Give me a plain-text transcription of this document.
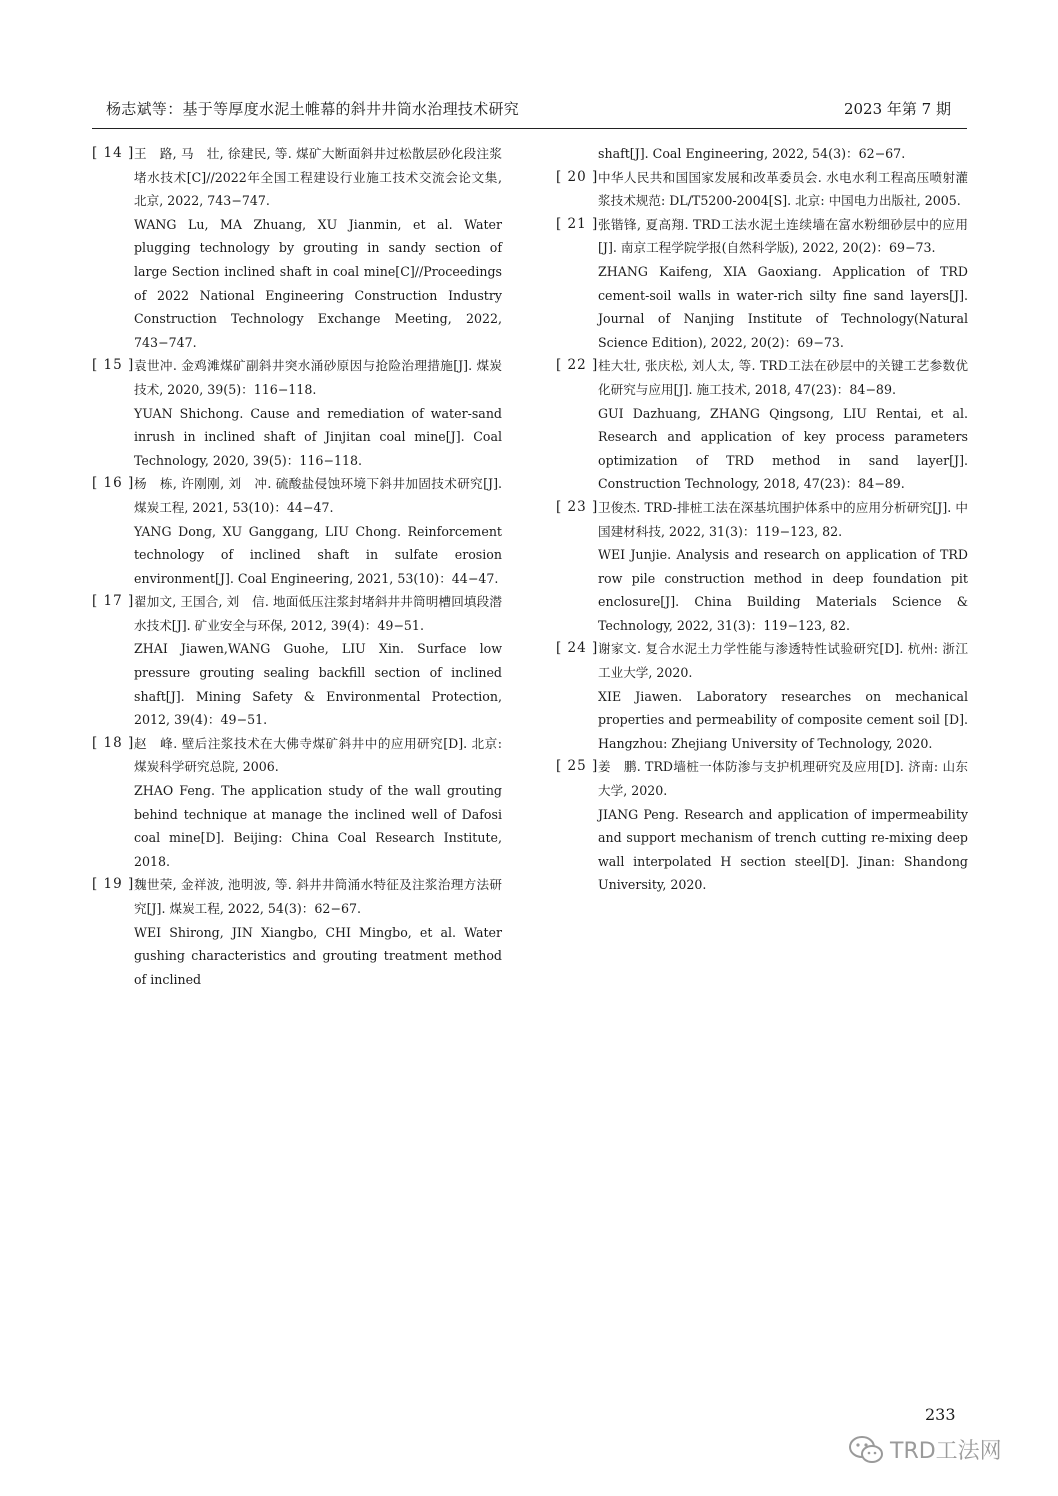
杨志斌等：基于等厚度水泥土帷幕的斜井井筒水治理技术研究	2023 年第 7 期
[ 14 ] 王　路, 马　壮, 徐建民, 等. 煤矿大断面斜井过松散层砂化段注浆堵水技术[C]//2022年全国工程建设行业施工技术交流会论文集, 北京, 2022, 743−747.

WANG Lu, MA Zhuang, XU Jianmin, et al. Water plugging technology by grouting in sandy section of large Section inclined shaft in coal mine[C]//Proceedings of 2022 National Engineering Construction Industry Construction Technology Exchange Meeting, 2022, 743−747.

[ 15 ] 袁世冲. 金鸡滩煤矿副斜井突水涌砂原因与抢险治理措施[J]. 煤炭技术, 2020, 39(5)：116−118.

YUAN Shichong. Cause and remediation of water-sand inrush in inclined shaft of Jinjitan coal mine[J]. Coal Technology, 2020, 39(5)：116−118.

[ 16 ] 杨　栋, 许刚刚, 刘　冲. 硫酸盐侵蚀环境下斜井加固技术研究[J]. 煤炭工程, 2021, 53(10)：44−47.

YANG Dong, XU Ganggang, LIU Chong. Reinforcement technology of inclined shaft in sulfate erosion environment[J]. Coal Engineering, 2021, 53(10)：44−47.

[ 17 ] 翟加文, 王国合, 刘　信. 地面低压注浆封堵斜井井筒明槽回填段潜水技术[J]. 矿业安全与环保, 2012, 39(4)：49−51.

ZHAI Jiawen,WANG Guohe, LIU Xin. Surface low pressure grouting sealing backfill section of inclined shaft[J]. Mining Safety & Environmental Protection, 2012, 39(4)：49−51.

[ 18 ] 赵　峰. 壁后注浆技术在大佛寺煤矿斜井中的应用研究[D]. 北京: 煤炭科学研究总院, 2006.

ZHAO Feng. The application study of the wall grouting behind technique at manage the inclined well of Dafosi coal mine[D]. Beijing: China Coal Research Institute, 2018.

[ 19 ] 魏世荣, 金祥波, 池明波, 等. 斜井井筒涌水特征及注浆治理方法研究[J]. 煤炭工程, 2022, 54(3)：62−67.

WEI Shirong, JIN Xiangbo, CHI Mingbo, et al. Water gushing characteristics and grouting treatment method of inclined

shaft[J]. Coal Engineering, 2022, 54(3)：62−67.
[ 20 ] 中华人民共和国国家发展和改革委员会. 水电水利工程高压喷射灌浆技术规范: DL/T5200-2004[S]. 北京: 中国电力出版社, 2005.

[ 21 ] 张锴锋, 夏高翔. TRD工法水泥土连续墙在富水粉细砂层中的应用[J]. 南京工程学院学报(自然科学版), 2022, 20(2)：69−73.

ZHANG Kaifeng, XIA Gaoxiang. Application of TRD cement-soil walls in water-rich silty fine sand layers[J]. Journal of Nanjing Institute of Technology(Natural Science Edition), 2022, 20(2)：69−73.

[ 22 ] 桂大壮, 张庆松, 刘人太, 等. TRD工法在砂层中的关键工艺参数优化研究与应用[J]. 施工技术, 2018, 47(23)：84−89.

GUI Dazhuang, ZHANG Qingsong, LIU Rentai, et al. Research and application of key process parameters optimization of TRD method in sand layer[J]. Construction Technology, 2018, 47(23)：84−89.

[ 23 ] 卫俊杰. TRD-排桩工法在深基坑围护体系中的应用分析研究[J]. 中国建材科技, 2022, 31(3)：119−123, 82.

WEI Junjie. Analysis and research on application of TRD row pile construction method in deep foundation pit enclosure[J]. China Building Materials Science & Technology, 2022, 31(3)：119−123, 82.

[ 24 ] 谢家文. 复合水泥土力学性能与渗透特性试验研究[D]. 杭州: 浙江工业大学, 2020.

XIE Jiawen. Laboratory researches on mechanical properties and permeability of composite cement soil [D]. Hangzhou: Zhejiang University of Technology, 2020.

[ 25 ] 姜　鹏. TRD墙桩一体防渗与支护机理研究及应用[D]. 济南: 山东大学, 2020.

JIANG Peng. Research and application of impermeability and support mechanism of trench cutting re-mixing deep wall interpolated H section steel[D]. Jinan: Shandong University, 2020.

233
TRD工法网
